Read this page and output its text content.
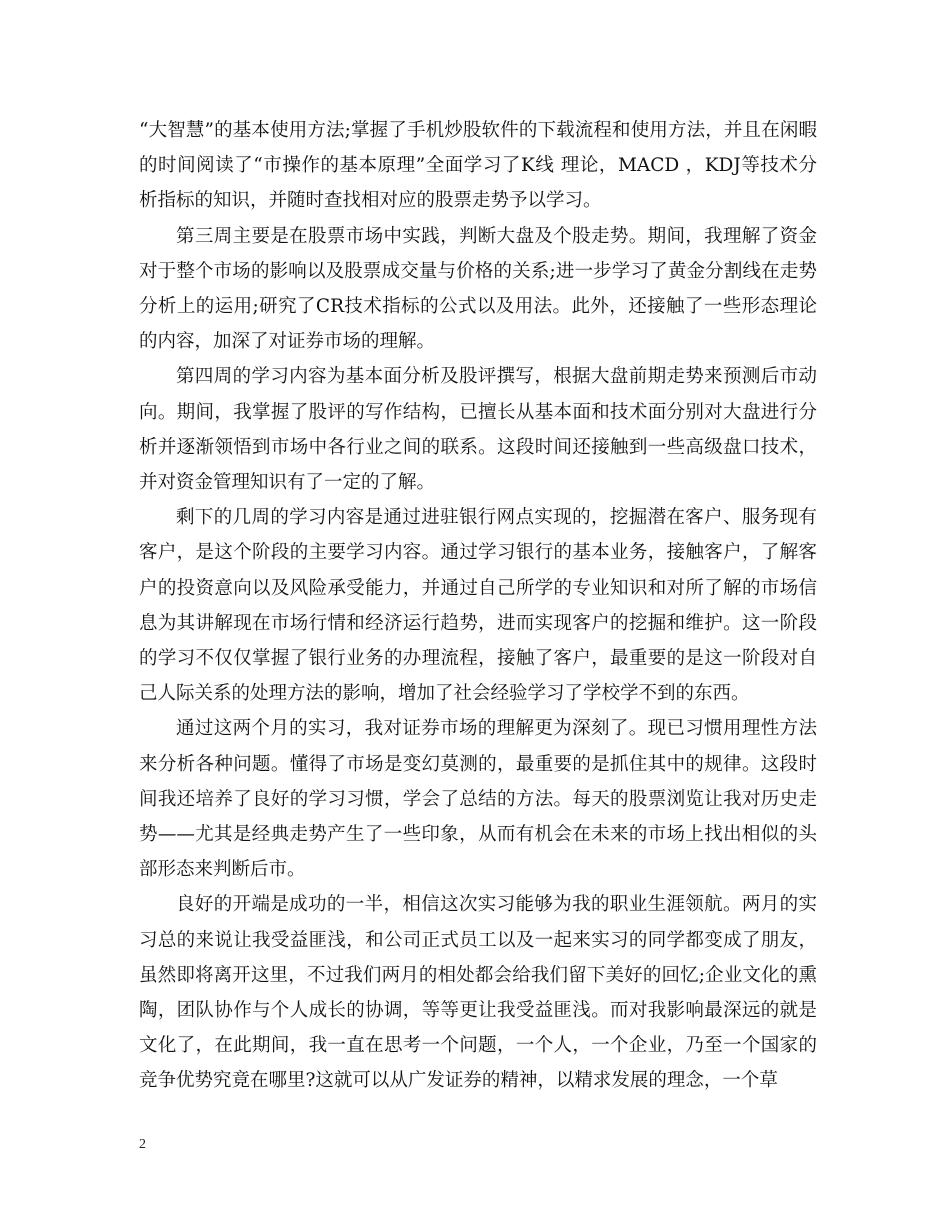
“大智慧”的基本使用方法;掌握了手机炒股软件的下载流程和使用方法，并且在闲暇的时间阅读了“市操作的基本原理”全面学习了K线 理论，MACD ，KDJ等技术分析指标的知识，并随时查找相对应的股票走势予以学习。

第三周主要是在股票市场中实践，判断大盘及个股走势。期间，我理解了资金对于整个市场的影响以及股票成交量与价格的关系;进一步学习了黄金分割线在走势分析上的运用;研究了CR技术指标的公式以及用法。此外，还接触了一些形态理论的内容，加深了对证券市场的理解。

第四周的学习内容为基本面分析及股评撰写，根据大盘前期走势来预测后市动向。期间，我掌握了股评的写作结构，已擅长从基本面和技术面分别对大盘进行分析并逐渐领悟到市场中各行业之间的联系。这段时间还接触到一些高级盘口技术，并对资金管理知识有了一定的了解。

剩下的几周的学习内容是通过进驻银行网点实现的，挖掘潜在客户、服务现有客户，是这个阶段的主要学习内容。通过学习银行的基本业务，接触客户，了解客户的投资意向以及风险承受能力，并通过自己所学的专业知识和对所了解的市场信息为其讲解现在市场行情和经济运行趋势，进而实现客户的挖掘和维护。这一阶段的学习不仅仅掌握了银行业务的办理流程，接触了客户，最重要的是这一阶段对自己人际关系的处理方法的影响，增加了社会经验学习了学校学不到的东西。

通过这两个月的实习，我对证券市场的理解更为深刻了。现已习惯用理性方法来分析各种问题。懂得了市场是变幻莫测的，最重要的是抓住其中的规律。这段时间我还培养了良好的学习习惯，学会了总结的方法。每天的股票浏览让我对历史走势——尤其是经典走势产生了一些印象，从而有机会在未来的市场上找出相似的头部形态来判断后市。

良好的开端是成功的一半，相信这次实习能够为我的职业生涯领航。两月的实习总的来说让我受益匪浅，和公司正式员工以及一起来实习的同学都变成了朋友，虽然即将离开这里，不过我们两月的相处都会给我们留下美好的回忆;企业文化的熏陶，团队协作与个人成长的协调，等等更让我受益匪浅。而对我影响最深远的就是文化了，在此期间，我一直在思考一个问题，一个人，一个企业，乃至一个国家的竞争优势究竟在哪里?这就可以从广发证券的精神，以精求发展的理念，一个草

2
